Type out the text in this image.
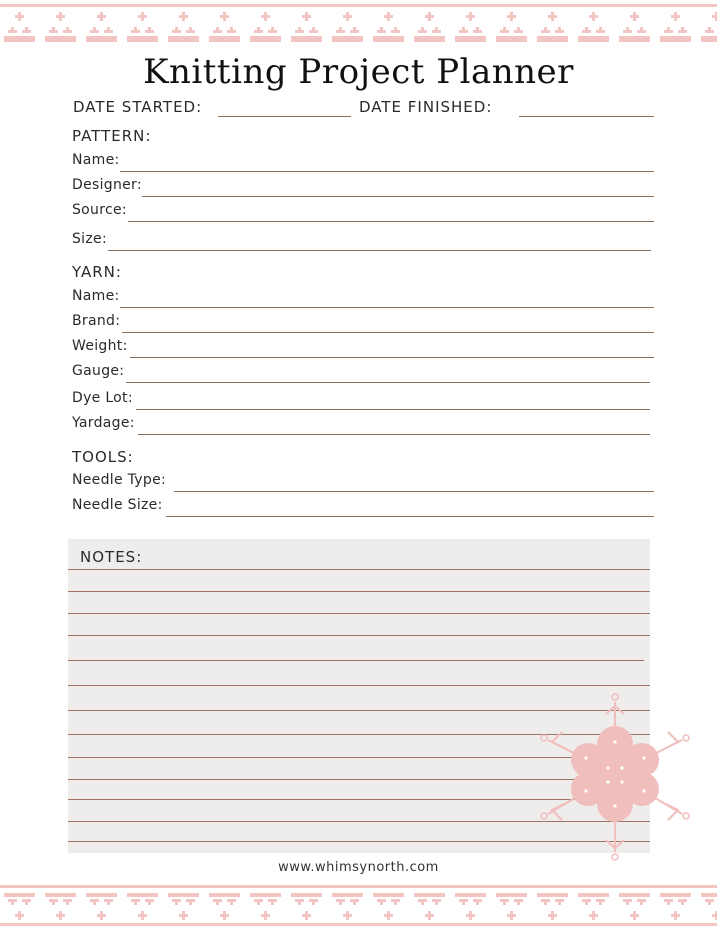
Knitting Project Planner
DATE STARTED:	DATE FINISHED:
PATTERN:
Name:
Designer:
Source:
Size:
YARN:
Name:
Brand:
Weight:
Gauge:
Dye Lot:
Yardage:
TOOLS:
Needle Type:
Needle Size:
NOTES:
www.whimsynorth.com
